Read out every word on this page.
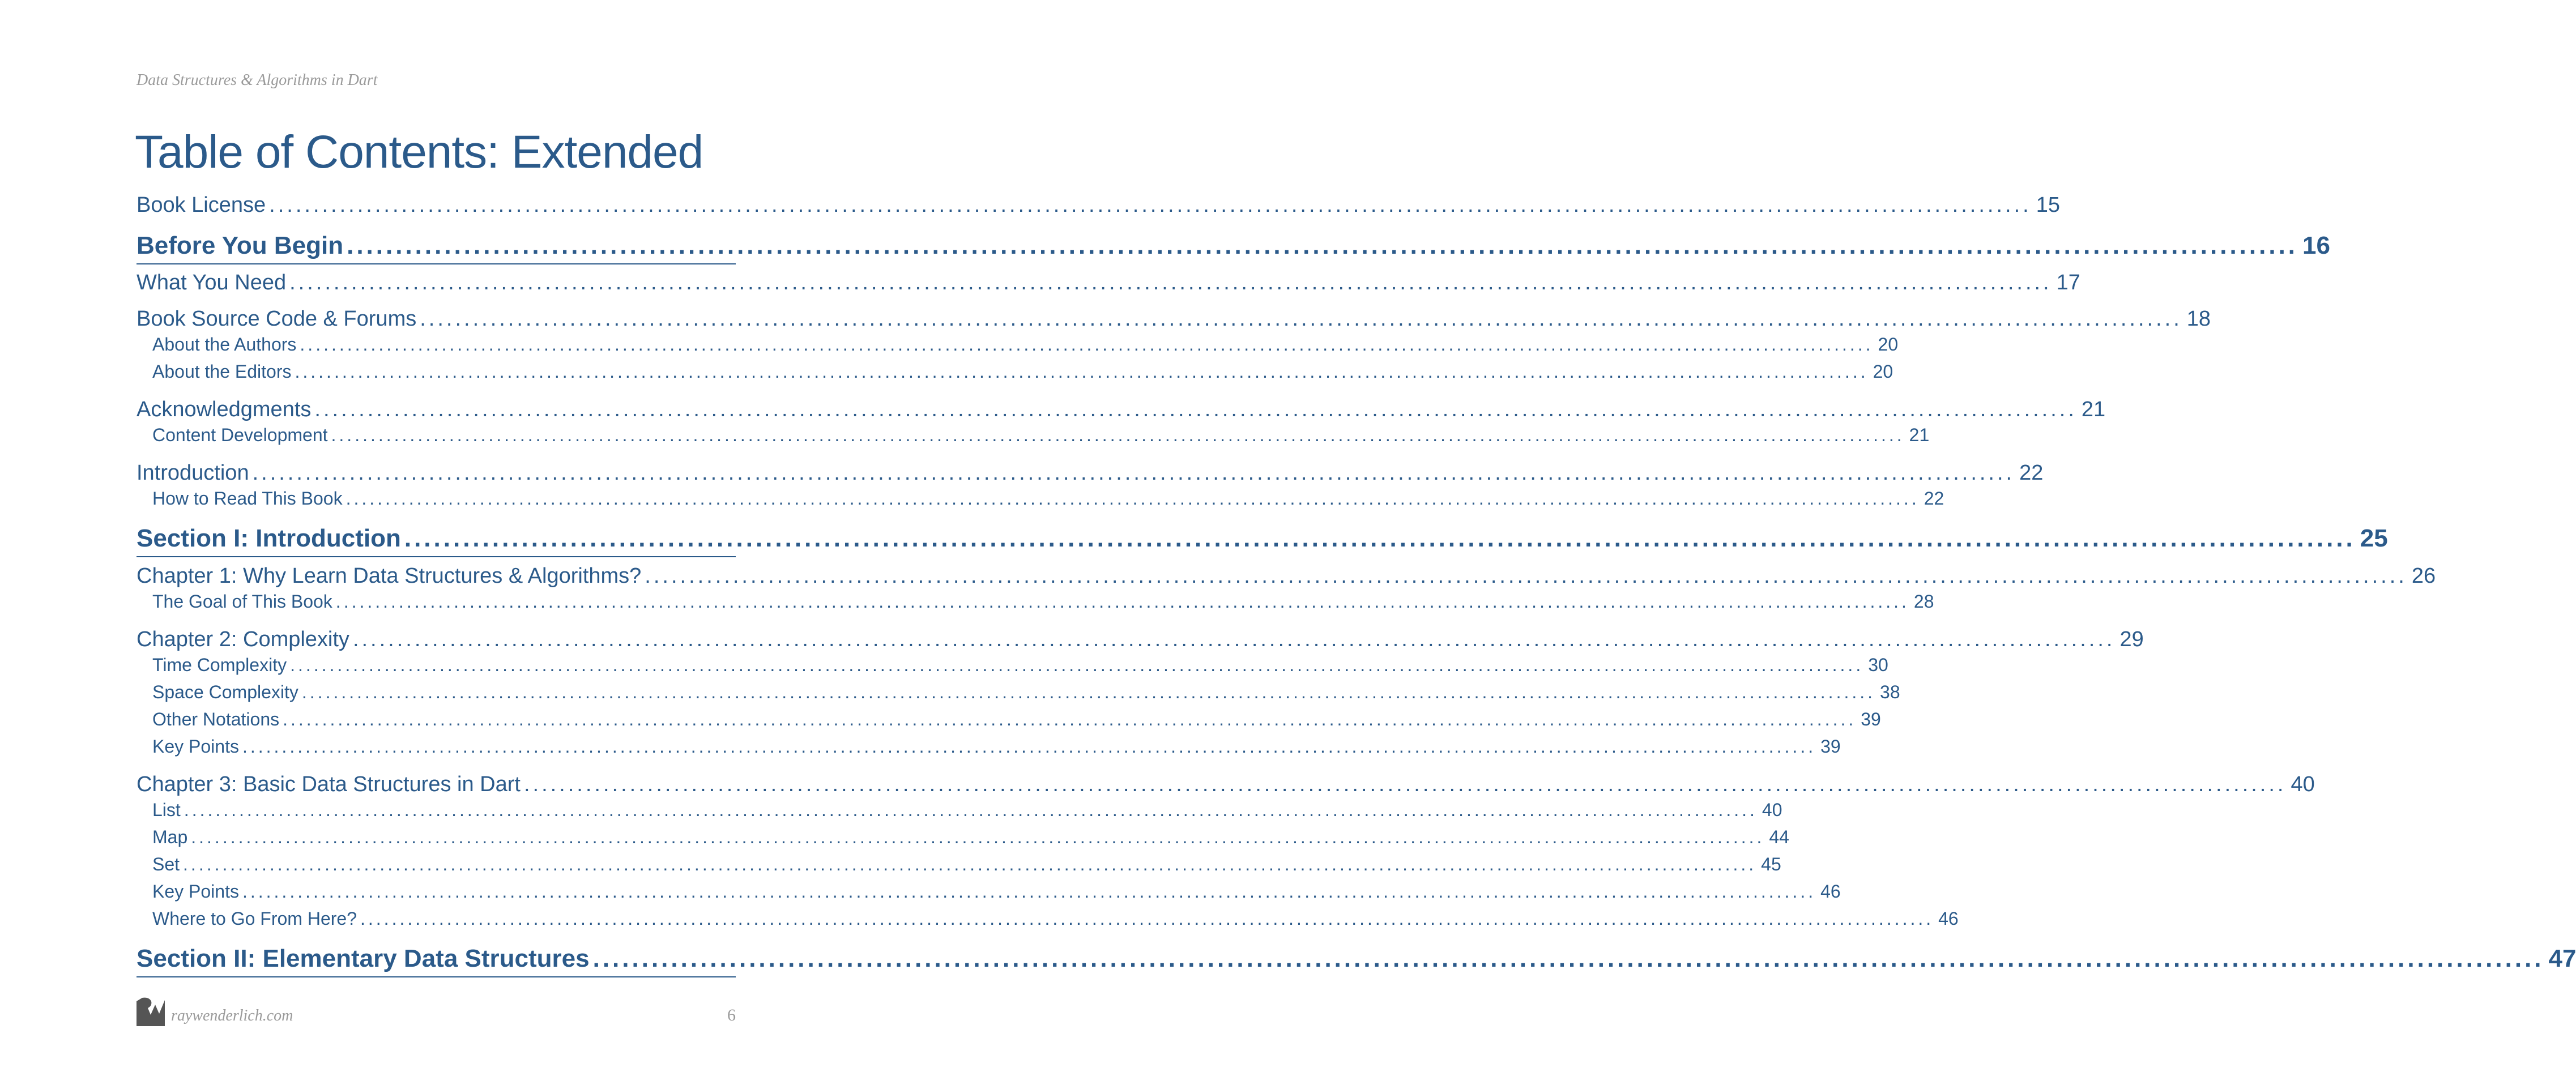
Data Structures & Algorithms in Dart
Table of Contents: Extended
Book License ........................................................................................................................................................................................................ 15
Before You Begin ........................................................................................................................................................................................................ 16
What You Need ........................................................................................................................................................................................................ 17
Book Source Code & Forums ........................................................................................................................................................................................................ 18
About the Authors ........................................................................................................................................................................................................ 20
About the Editors ........................................................................................................................................................................................................ 20
Acknowledgments ........................................................................................................................................................................................................ 21
Content Development ........................................................................................................................................................................................................ 21
Introduction ........................................................................................................................................................................................................ 22
How to Read This Book ........................................................................................................................................................................................................ 22
Section I: Introduction ........................................................................................................................................................................................................ 25
Chapter 1: Why Learn Data Structures & Algorithms? ........................................................................................................................................................................................................ 26
The Goal of This Book ........................................................................................................................................................................................................ 28
Chapter 2: Complexity ........................................................................................................................................................................................................ 29
Time Complexity ........................................................................................................................................................................................................ 30
Space Complexity ........................................................................................................................................................................................................ 38
Other Notations ........................................................................................................................................................................................................ 39
Key Points ........................................................................................................................................................................................................ 39
Chapter 3: Basic Data Structures in Dart ........................................................................................................................................................................................................ 40
List ........................................................................................................................................................................................................ 40
Map ........................................................................................................................................................................................................ 44
Set ........................................................................................................................................................................................................ 45
Key Points ........................................................................................................................................................................................................ 46
Where to Go From Here? ........................................................................................................................................................................................................ 46
Section II: Elementary Data Structures ........................................................................................................................................................................................................ 47
raywenderlich.com	6
